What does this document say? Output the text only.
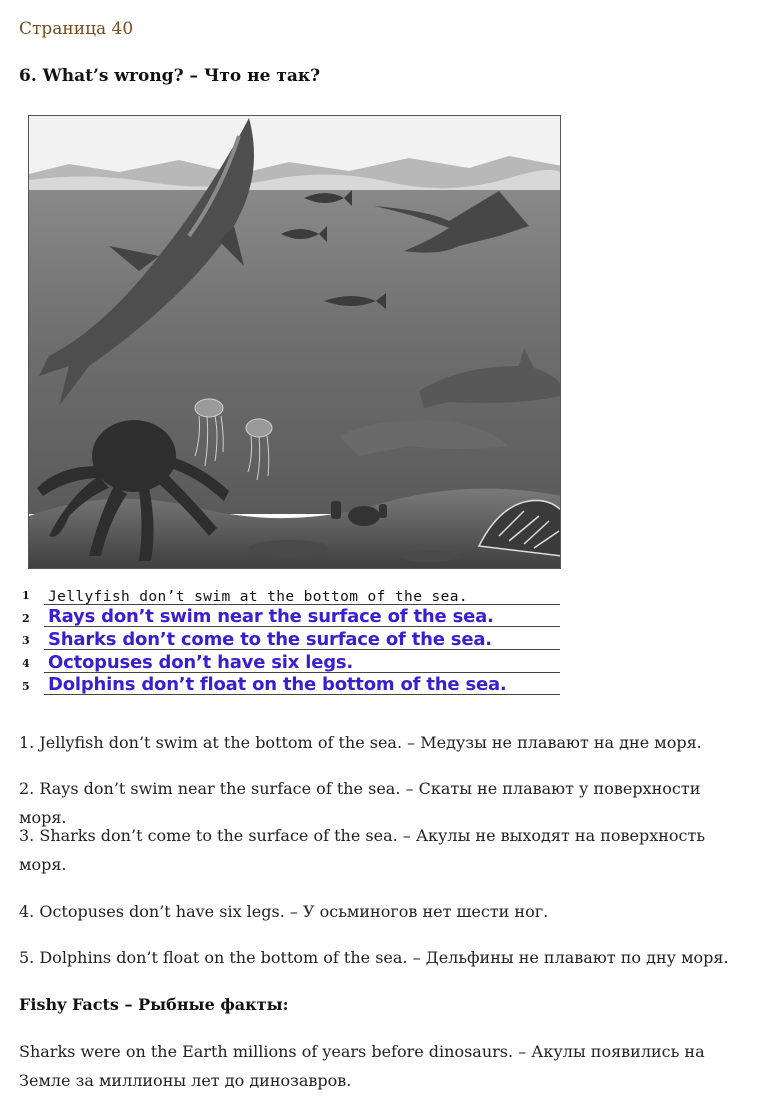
Страница 40
6. What’s wrong? – Что не так?
1 Jellyfish don’t swim at the bottom of the sea.
2 Rays don’t swim near the surface of the sea.
3 Sharks don’t come to the surface of the sea.
4 Octopuses don’t have six legs.
5 Dolphins don’t float on the bottom of the sea.
1. Jellyfish don’t swim at the bottom of the sea. – Медузы не плавают на дне моря.
2. Rays don’t swim near the surface of the sea. – Скаты не плавают у поверхности моря.
3. Sharks don’t come to the surface of the sea. – Акулы не выходят на поверхность моря.
4. Octopuses don’t have six legs. – У осьминогов нет шести ног.
5. Dolphins don’t float on the bottom of the sea. – Дельфины не плавают по дну моря.
Fishy Facts – Рыбные факты:
Sharks were on the Earth millions of years before dinosaurs. – Акулы появились на Земле за миллионы лет до динозавров.
